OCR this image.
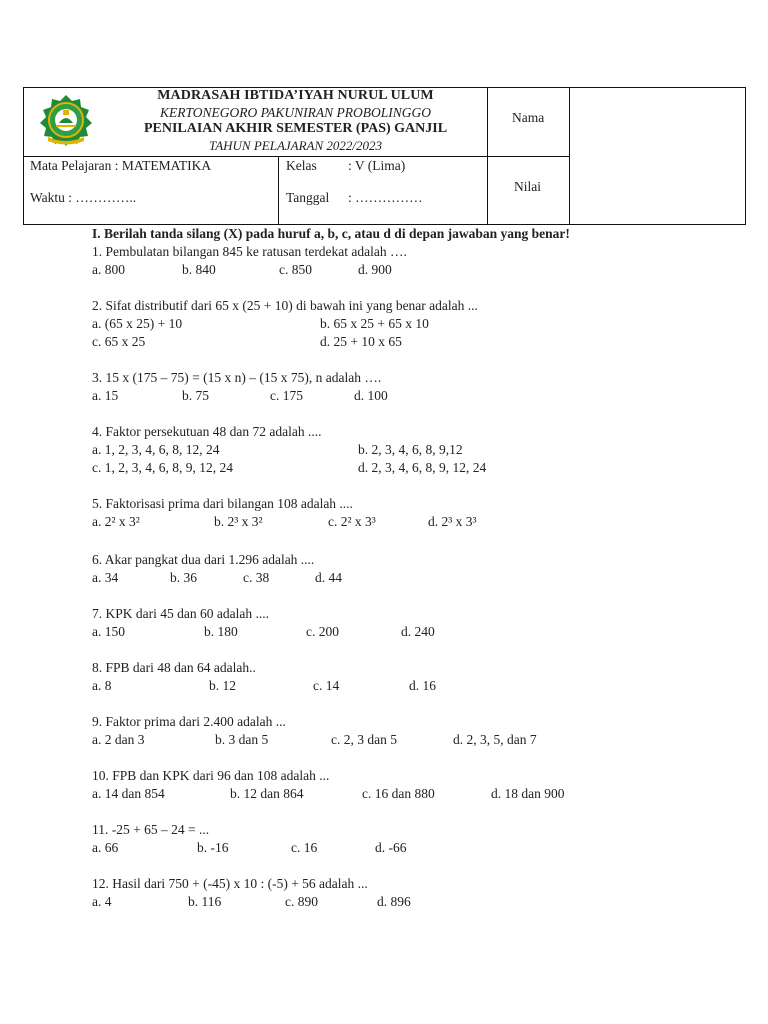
MADRASAH IBTIDA’IYAH NURUL ULUM
KERTONEGORO PAKUNIRAN PROBOLINGGO
PENILAIAN AKHIR SEMESTER (PAS) GANJIL
TAHUN PELAJARAN 2022/2023
Nama
Nilai
Mata Pelajaran : MATEMATIKA
Waktu : …………..
Kelas : V (Lima)
Tanggal : ……………
I. Berilah tanda silang (X) pada huruf a, b, c, atau d di depan jawaban yang benar!
1. Pembulatan bilangan 845 ke ratusan terdekat adalah ….
a. 800	b. 840	c. 850	d. 900
2. Sifat distributif dari 65 x (25 + 10) di bawah ini yang benar adalah ...
a. (65 x 25) + 10	b. 65 x 25 + 65 x 10
c. 65 x 25	d. 25 + 10 x 65
3. 15 x (175 – 75) = (15 x n) – (15 x 75), n adalah ….
a. 15	b. 75	c. 175	d. 100
4. Faktor persekutuan 48 dan 72 adalah ....
a. 1, 2, 3, 4, 6, 8, 12, 24	b. 2, 3, 4, 6, 8, 9,12
c. 1, 2, 3, 4, 6, 8, 9, 12, 24	d. 2, 3, 4, 6, 8, 9, 12, 24
5. Faktorisasi prima dari bilangan 108 adalah ....
a. 2² x 3²	b. 2³ x 3²	c. 2² x 3³	d. 2³ x 3³
6. Akar pangkat dua dari 1.296 adalah ....
a. 34	b. 36	c. 38	d. 44
7. KPK dari 45 dan 60 adalah ....
a. 150	b. 180	c. 200	d. 240
8. FPB dari 48 dan 64 adalah..
a. 8	b. 12	c. 14	d. 16
9. Faktor prima dari 2.400 adalah ...
a. 2 dan 3	b. 3 dan 5	c. 2, 3 dan 5	d. 2, 3, 5, dan 7
10. FPB dan KPK dari 96 dan 108 adalah ...
a. 14 dan 854	b. 12 dan 864	c. 16 dan 880	d. 18 dan 900
11. -25 + 65 – 24 = ...
a. 66	b. -16	c. 16	d. -66
12. Hasil dari 750 + (-45) x 10 : (-5) + 56 adalah ...
a. 4	b. 116	c. 890	d. 896
